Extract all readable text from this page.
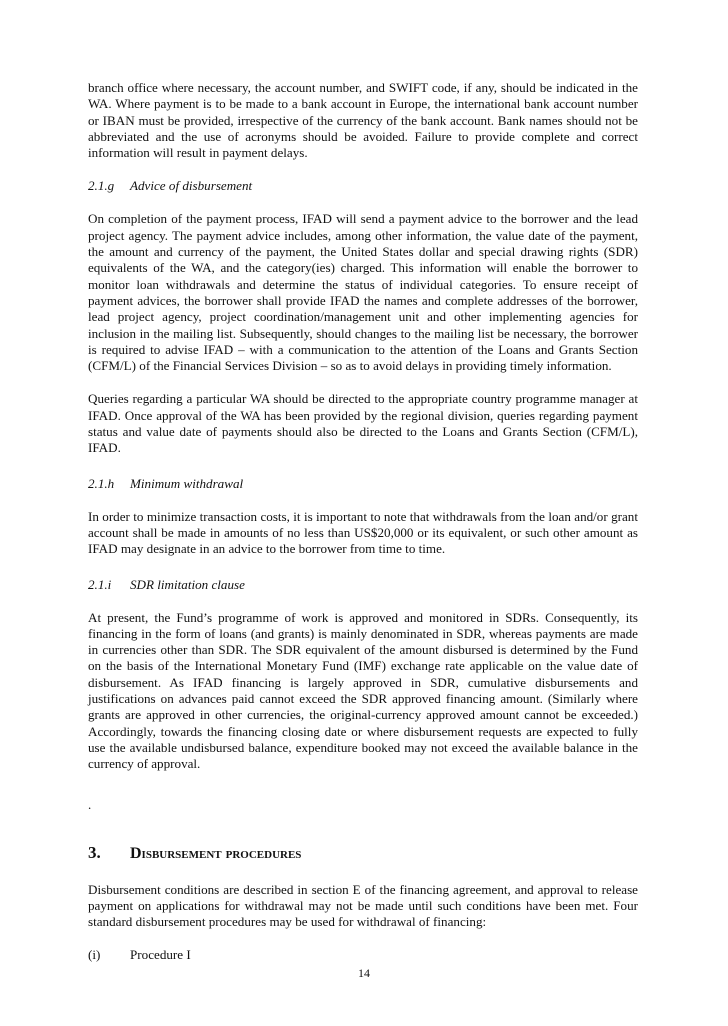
branch office where necessary, the account number, and SWIFT code, if any, should be indicated in the WA. Where payment is to be made to a bank account in Europe, the international bank account number or IBAN must be provided, irrespective of the currency of the bank account. Bank names should not be abbreviated and the use of acronyms should be avoided. Failure to provide complete and correct information will result in payment delays.

2.1.g Advice of disbursement

On completion of the payment process, IFAD will send a payment advice to the borrower and the lead project agency. The payment advice includes, among other information, the value date of the payment, the amount and currency of the payment, the United States dollar and special drawing rights (SDR) equivalents of the WA, and the category(ies) charged. This information will enable the borrower to monitor loan withdrawals and determine the status of individual categories. To ensure receipt of payment advices, the borrower shall provide IFAD the names and complete addresses of the borrower, lead project agency, project coordination/management unit and other implementing agencies for inclusion in the mailing list. Subsequently, should changes to the mailing list be necessary, the borrower is required to advise IFAD – with a communication to the attention of the Loans and Grants Section (CFM/L) of the Financial Services Division – so as to avoid delays in providing timely information.

Queries regarding a particular WA should be directed to the appropriate country programme manager at IFAD. Once approval of the WA has been provided by the regional division, queries regarding payment status and value date of payments should also be directed to the Loans and Grants Section (CFM/L), IFAD.

2.1.h Minimum withdrawal

In order to minimize transaction costs, it is important to note that withdrawals from the loan and/or grant account shall be made in amounts of no less than US$20,000 or its equivalent, or such other amount as IFAD may designate in an advice to the borrower from time to time.

2.1.i SDR limitation clause

At present, the Fund’s programme of work is approved and monitored in SDRs. Consequently, its financing in the form of loans (and grants) is mainly denominated in SDR, whereas payments are made in currencies other than SDR. The SDR equivalent of the amount disbursed is determined by the Fund on the basis of the International Monetary Fund (IMF) exchange rate applicable on the value date of disbursement. As IFAD financing is largely approved in SDR, cumulative disbursements and justifications on advances paid cannot exceed the SDR approved financing amount. (Similarly where grants are approved in other currencies, the original-currency approved amount cannot be exceeded.) Accordingly, towards the financing closing date or where disbursement requests are expected to fully use the available undisbursed balance, expenditure booked may not exceed the available balance in the currency of approval.

.
3. Disbursement procedures

Disbursement conditions are described in section E of the financing agreement, and approval to release payment on applications for withdrawal may not be made until such conditions have been met. Four standard disbursement procedures may be used for withdrawal of financing:

(i) Procedure I
14
